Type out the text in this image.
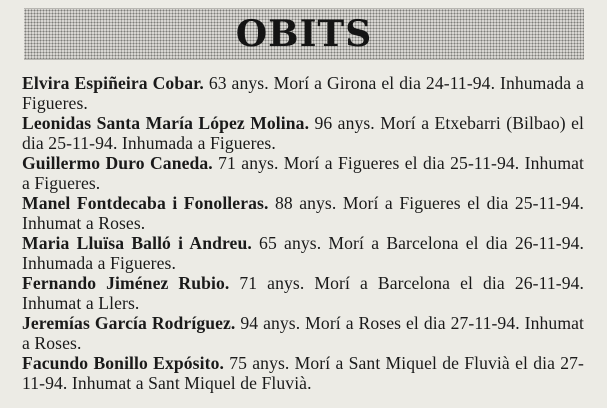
OBITS
Elvira Espiñeira Cobar. 63 anys. Morí a Girona el dia 24-11-94. Inhumada a Figueres.
Leonidas Santa María López Molina. 96 anys. Morí a Etxebarri (Bilbao) el dia 25-11-94. Inhumada a Figueres.
Guillermo Duro Caneda. 71 anys. Morí a Figueres el dia 25-11-94. Inhumat a Figueres.
Manel Fontdecaba i Fonolleras. 88 anys. Morí a Figueres el dia 25-11-94. Inhumat a Roses.
Maria Lluïsa Balló i Andreu. 65 anys. Morí a Barcelona el dia 26-11-94. Inhumada a Figueres.
Fernando Jiménez Rubio. 71 anys. Morí a Barcelona el dia 26-11-94. Inhumat a Llers.
Jeremías García Rodríguez. 94 anys. Morí a Roses el dia 27-11-94. Inhumat a Roses.
Facundo Bonillo Expósito. 75 anys. Morí a Sant Miquel de Fluvià el dia 27-11-94. Inhumat a Sant Miquel de Fluvià.
